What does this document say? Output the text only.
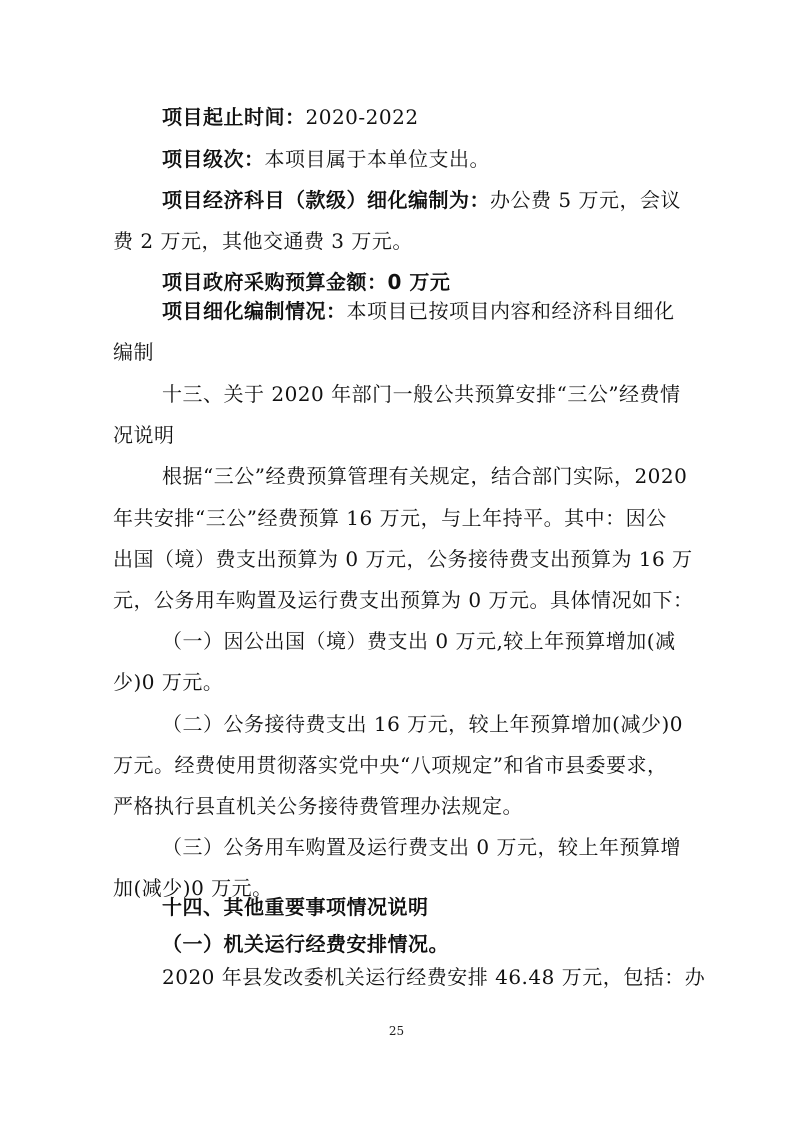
项目起止时间：2020-2022
项目级次：本项目属于本单位支出。
项目经济科目（款级）细化编制为：办公费 5 万元，会议
费 2 万元，其他交通费 3 万元。
项目政府采购预算金额：0 万元
项目细化编制情况：本项目已按项目内容和经济科目细化
编制
十三、关于 2020 年部门一般公共预算安排“三公”经费情
况说明
根据“三公”经费预算管理有关规定，结合部门实际，2020
年共安排“三公”经费预算 16 万元，与上年持平。其中：因公
出国（境）费支出预算为 0 万元，公务接待费支出预算为 16 万
元，公务用车购置及运行费支出预算为 0 万元。具体情况如下：
（一）因公出国（境）费支出 0 万元,较上年预算增加(减
少)0 万元。
（二）公务接待费支出 16 万元，较上年预算增加(减少)0
万元。经费使用贯彻落实党中央“八项规定”和省市县委要求，
严格执行县直机关公务接待费管理办法规定。
（三）公务用车购置及运行费支出 0 万元，较上年预算增
加(减少)0 万元。
十四、其他重要事项情况说明
（一）机关运行经费安排情况。
2020 年县发改委机关运行经费安排 46.48 万元，包括：办
25
